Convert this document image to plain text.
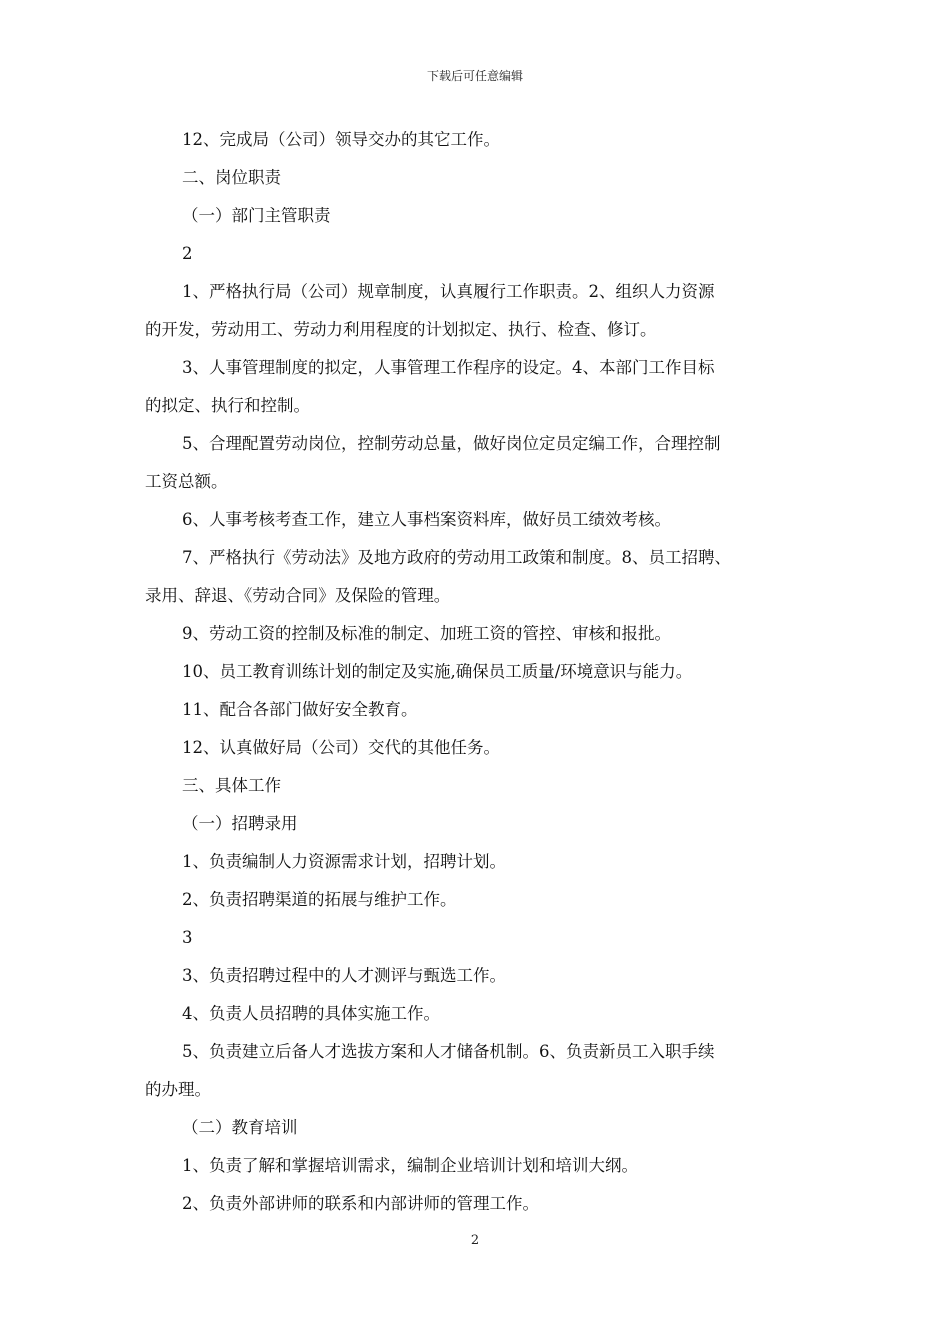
下载后可任意编辑
12、完成局（公司）领导交办的其它工作。
二、岗位职责
（一）部门主管职责
2
1、严格执行局（公司）规章制度，认真履行工作职责。2、组织人力资源
的开发，劳动用工、劳动力利用程度的计划拟定、执行、检查、修订。
3、人事管理制度的拟定，人事管理工作程序的设定。4、本部门工作目标
的拟定、执行和控制。
5、合理配置劳动岗位，控制劳动总量，做好岗位定员定编工作，合理控制
工资总额。
6、人事考核考查工作，建立人事档案资料库，做好员工绩效考核。
7、严格执行《劳动法》及地方政府的劳动用工政策和制度。8、员工招聘、
录用、辞退、《劳动合同》及保险的管理。
9、劳动工资的控制及标准的制定、加班工资的管控、审核和报批。
10、员工教育训练计划的制定及实施,确保员工质量/环境意识与能力。
11、配合各部门做好安全教育。
12、认真做好局（公司）交代的其他任务。
三、具体工作
（一）招聘录用
1、负责编制人力资源需求计划，招聘计划。
2、负责招聘渠道的拓展与维护工作。
3
3、负责招聘过程中的人才测评与甄选工作。
4、负责人员招聘的具体实施工作。
5、负责建立后备人才选拔方案和人才储备机制。6、负责新员工入职手续
的办理。
（二）教育培训
1、负责了解和掌握培训需求，编制企业培训计划和培训大纲。
2、负责外部讲师的联系和内部讲师的管理工作。
2
